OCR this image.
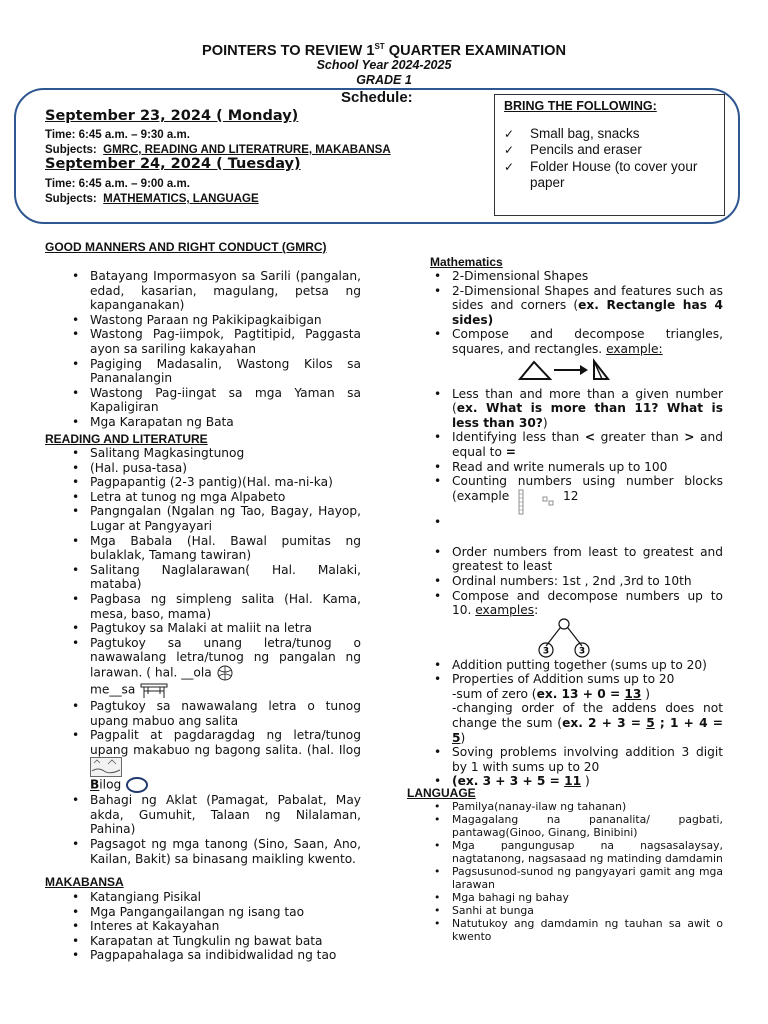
POINTERS TO REVIEW 1ST QUARTER EXAMINATION
School Year 2024-2025
GRADE 1
Schedule:
September 23, 2024 ( Monday)
Time: 6:45 a.m. – 9:30 a.m.
Subjects: GMRC, READING AND LITERATRURE, MAKABANSA
September 24, 2024 ( Tuesday)
Time: 6:45 a.m. – 9:00 a.m.
Subjects: MATHEMATICS, LANGUAGE
BRING THE FOLLOWING:
✓ Small bag, snacks
✓ Pencils and eraser
✓ Folder House (to cover your paper
GOOD MANNERS AND RIGHT CONDUCT (GMRC)
• Batayang Impormasyon sa Sarili (pangalan, edad, kasarian, magulang, petsa ng kapanganakan)
• Wastong Paraan ng Pakikipagkaibigan
• Wastong Pag-iimpok, Pagtitipid, Paggasta ayon sa sariling kakayahan
• Pagiging Madasalin, Wastong Kilos sa Pananalangin
• Wastong Pag-iingat sa mga Yaman sa Kapaligiran
• Mga Karapatan ng Bata
READING AND LITERATURE
• Salitang Magkasingtunog
• (Hal. pusa-tasa)
• Pagpapantig (2-3 pantig)(Hal. ma-ni-ka)
• Letra at tunog ng mga Alpabeto
• Pangngalan (Ngalan ng Tao, Bagay, Hayop, Lugar at Pangyayari
• Mga Babala (Hal. Bawal pumitas ng bulaklak, Tamang tawiran)
• Salitang Naglalarawan( Hal. Malaki, mataba)
• Pagbasa ng simpleng salita (Hal. Kama, mesa, baso, mama)
• Pagtukoy sa Malaki at maliit na letra
• Pagtukoy sa unang letra/tunog o nawawalang letra/tunog ng pangalan ng larawan. ( hal. __ola
me__sa
• Pagtukoy sa nawawalang letra o tunog upang mabuo ang salita
• Pagpalit at pagdaragdag ng letra/tunog upang makabuo ng bagong salita. (hal. Ilog
Bilog
• Bahagi ng Aklat (Pamagat, Pabalat, May akda, Gumuhit, Talaan ng Nilalaman, Pahina)
• Pagsagot ng mga tanong (Sino, Saan, Ano, Kailan, Bakit) sa binasang maikling kwento.
MAKABANSA
• Katangiang Pisikal
• Mga Pangangailangan ng isang tao
• Interes at Kakayahan
• Karapatan at Tungkulin ng bawat bata
• Pagpapahalaga sa indibidwalidad ng tao
Mathematics
• 2-Dimensional Shapes
• 2-Dimensional Shapes and features such as sides and corners (ex. Rectangle has 4 sides)
• Compose and decompose triangles, squares, and rectangles. example:
• Less than and more than a given number (ex. What is more than 11? What is less than 30?)
• Identifying less than < greater than > and equal to =
• Read and write numerals up to 100
• Counting numbers using number blocks (example	12
•
• Order numbers from least to greatest and greatest to least
• Ordinal numbers: 1st , 2nd ,3rd to 10th
• Compose and decompose numbers up to 10. examples:
3	3
• Addition putting together (sums up to 20)
• Properties of Addition sums up to 20
-sum of zero (ex. 13 + 0 = 13 )
-changing order of the addens does not change the sum (ex. 2 + 3 = 5 ; 1 + 4 = 5)
• Soving problems involving addition 3 digit by 1 with sums up to 20
• (ex. 3 + 3 + 5 = 11 )
LANGUAGE
• Pamilya(nanay-ilaw ng tahanan)
• Magagalang na pananalita/ pagbati, pantawag(Ginoo, Ginang, Binibini)
• Mga pangungusap na nagsasalaysay, nagtatanong, nagsasaad ng matinding damdamin
• Pagsusunod-sunod ng pangyayari gamit ang mga larawan
• Mga bahagi ng bahay
• Sanhi at bunga
• Natutukoy ang damdamin ng tauhan sa awit o kwento
